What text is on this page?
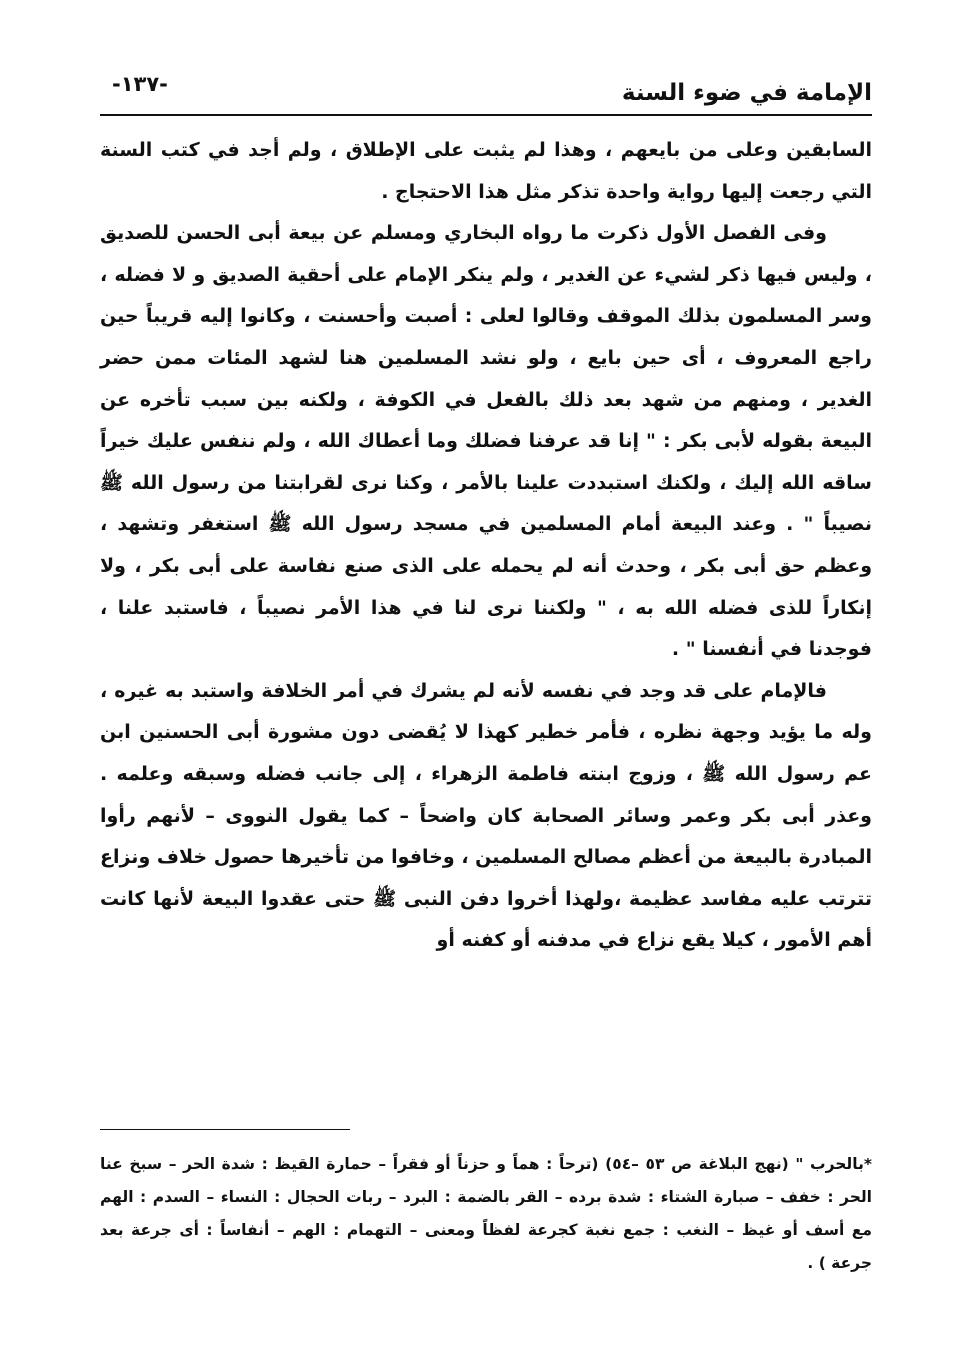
الإمامة في ضوء السنة
-١٣٧-

السابقين وعلى من بايعهم ، وهذا لم يثبت على الإطلاق ، ولم أجد في كتب السنة التي رجعت إليها رواية واحدة تذكر مثل هذا الاحتجاج .

وفى الفصل الأول ذكرت ما رواه البخاري ومسلم عن بيعة أبى الحسن للصديق ، وليس فيها ذكر لشيء عن الغدير ، ولم ينكر الإمام على أحقية الصديق و لا فضله ، وسر المسلمون بذلك الموقف وقالوا لعلى : أصبت وأحسنت ، وكانوا إليه قريباً حين راجع المعروف ، أى حين بايع ، ولو نشد المسلمين هنا لشهد المئات ممن حضر الغدير ، ومنهم من شهد بعد ذلك بالفعل في الكوفة ، ولكنه بين سبب تأخره عن البيعة بقوله لأبى بكر : " إنا قد عرفنا فضلك وما أعطاك الله ، ولم ننفس عليك خيراً ساقه الله إليك ، ولكنك استبددت علينا بالأمر ، وكنا نرى لقرابتنا من رسول الله ﷺ نصيباً " . وعند البيعة أمام المسلمين في مسجد رسول الله ﷺ استغفر وتشهد ، وعظم حق أبى بكر ، وحدث أنه لم يحمله على الذى صنع نفاسة على أبى بكر ، ولا إنكاراً للذى فضله الله به ، " ولكننا نرى لنا في هذا الأمر نصيباً ، فاستبد علنا ، فوجدنا في أنفسنا " .

فالإمام على قد وجد في نفسه لأنه لم يشرك في أمر الخلافة واستبد به غيره ، وله ما يؤيد وجهة نظره ، فأمر خطير كهذا لا يُقضى دون مشورة أبى الحسنين ابن عم رسول الله ﷺ ، وزوج ابنته فاطمة الزهراء ، إلى جانب فضله وسبقه وعلمه . وعذر أبى بكر وعمر وسائر الصحابة كان واضحاً – كما يقول النووى – لأنهم رأوا المبادرة بالبيعة من أعظم مصالح المسلمين ، وخافوا من تأخيرها حصول خلاف ونزاع تترتب عليه مفاسد عظيمة ،ولهذا أخروا دفن النبى ﷺ حتى عقدوا البيعة لأنها كانت أهم الأمور ، كيلا يقع نزاع في مدفنه أو كفنه أو

*بالحرب " (نهج البلاغة ص ٥٣ –٥٤) (ترحاً : هماً و حزناً أو فقراً – حمارة القيظ : شدة الحر – سبخ عنا الحر : خفف – صبارة الشتاء : شدة برده – القر بالضمة : البرد – ربات الحجال : النساء – السدم : الهم مع أسف أو غيظ – النغب : جمع نغبة كجرعة لفظاً ومعنى – التهمام : الهم – أنفاساً : أى جرعة بعد جرعة ) .
